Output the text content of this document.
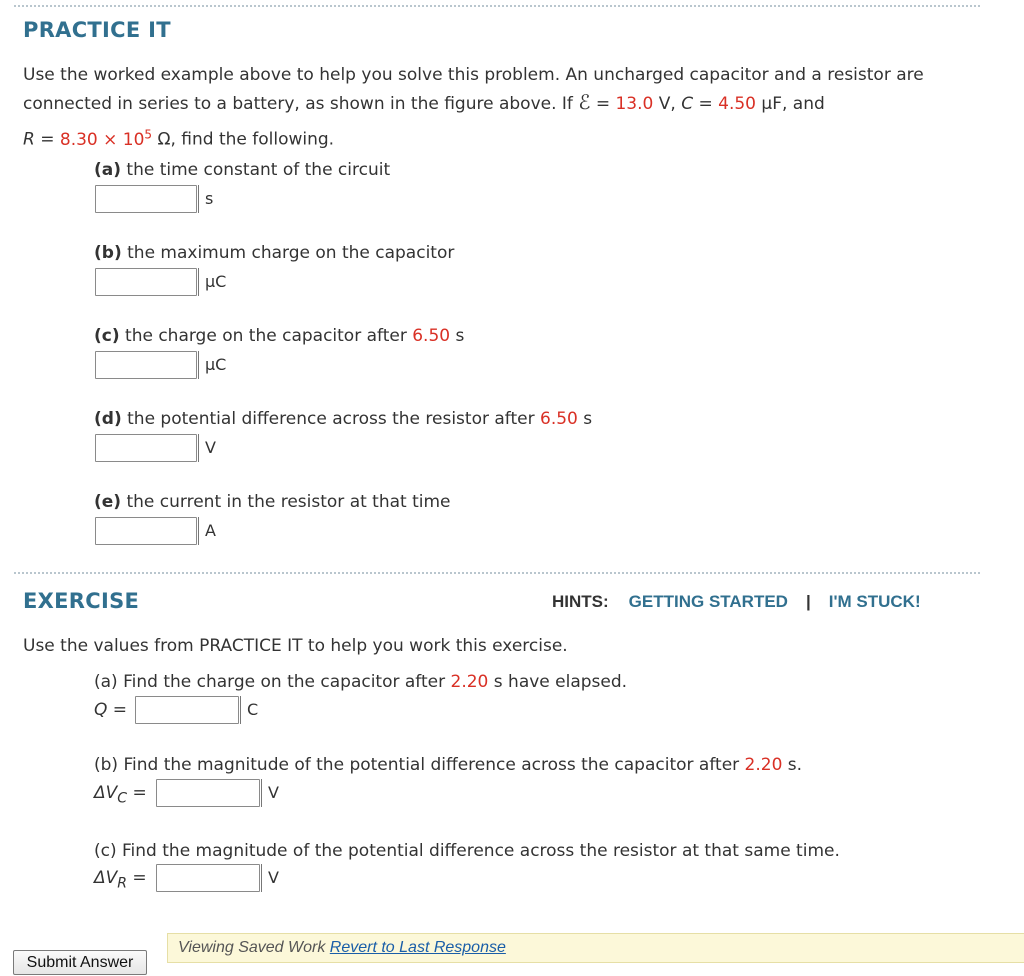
PRACTICE IT
Use the worked example above to help you solve this problem. An uncharged capacitor and a resistor are
connected in series to a battery, as shown in the figure above. If ℰ = 13.0 V, C = 4.50 μF, and
$R = 8.30 \times 10^5$ Ω, find the following.
(a) the time constant of the circuit
s
(b) the maximum charge on the capacitor
μC
(c) the charge on the capacitor after 6.50 s
μC
(d) the potential difference across the resistor after 6.50 s
V
(e) the current in the resistor at that time
A
EXERCISE	HINTS: GETTING STARTED | I'M STUCK!
Use the values from PRACTICE IT to help you work this exercise.
(a) Find the charge on the capacitor after 2.20 s have elapsed.
Q =	C
(b) Find the magnitude of the potential difference across the capacitor after 2.20 s.
$\Delta V_C$ =	V
(c) Find the magnitude of the potential difference across the resistor at that same time.
$\Delta V_R$ =	V
Submit Answer
Viewing Saved Work Revert to Last Response
